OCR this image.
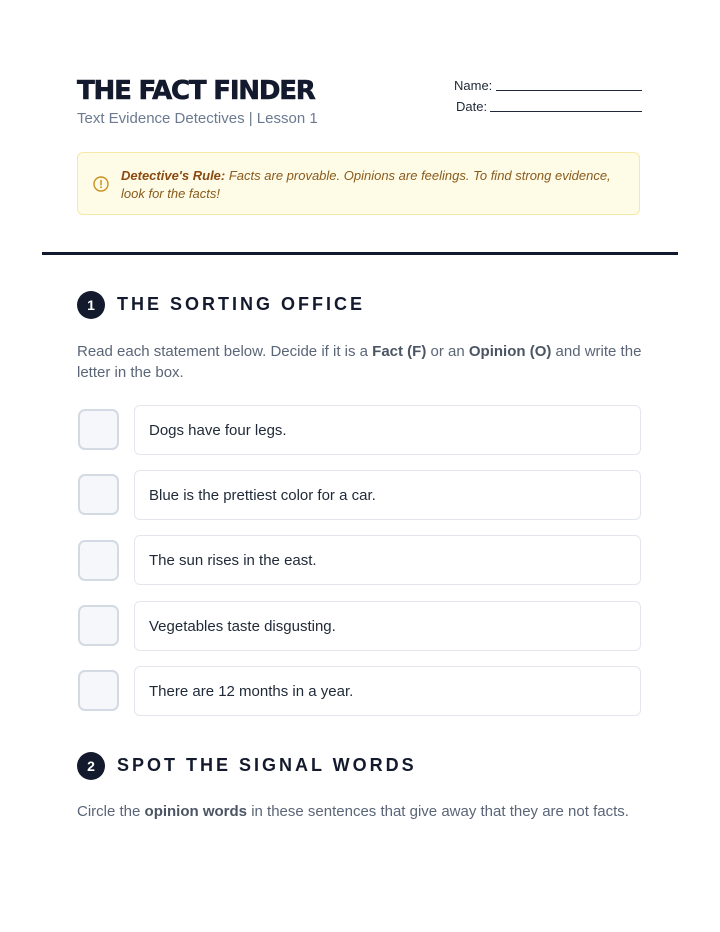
THE FACT FINDER
Text Evidence Detectives | Lesson 1
Name:
Date:
Detective's Rule: Facts are provable. Opinions are feelings. To find strong evidence, look for the facts!
1	THE SORTING OFFICE
Read each statement below. Decide if it is a Fact (F) or an Opinion (O) and write the letter in the box.
Dogs have four legs.
Blue is the prettiest color for a car.
The sun rises in the east.
Vegetables taste disgusting.
There are 12 months in a year.
2	SPOT THE SIGNAL WORDS
Circle the opinion words in these sentences that give away that they are not facts.
